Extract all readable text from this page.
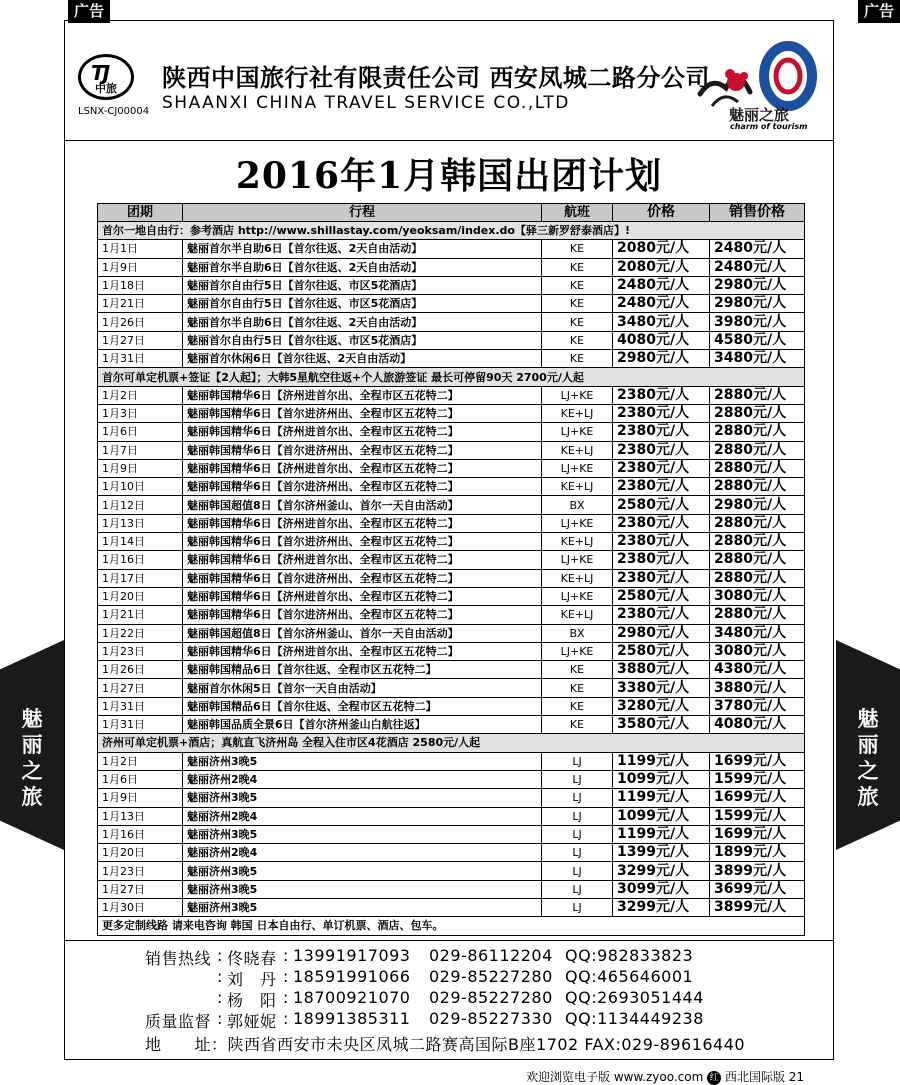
广告	广告
TJ
中旅
LSNX-CJ00004
陕西中国旅行社有限责任公司 西安凤城二路分公司
SHAANXI CHINA TRAVEL SERVICE CO.,LTD
魅丽之旅
charm of tourism
2016年1月韩国出团计划
团期	行程	航班	价格	销售价格
首尔一地自由行：参考酒店 http://www.shillastay.com/yeoksam/index.do【驿三新罗舒泰酒店】!				
1月1日	魅丽首尔半自助6日【首尔往返、2天自由活动】	KE	2080元/人	2480元/人
1月9日	魅丽首尔半自助6日【首尔往返、2天自由活动】	KE	2080元/人	2480元/人
1月18日	魅丽首尔自由行5日【首尔往返、市区5花酒店】	KE	2480元/人	2980元/人
1月21日	魅丽首尔自由行5日【首尔往返、市区5花酒店】	KE	2480元/人	2980元/人
1月26日	魅丽首尔半自助6日【首尔往返、2天自由活动】	KE	3480元/人	3980元/人
1月27日	魅丽首尔自由行5日【首尔往返、市区5花酒店】	KE	4080元/人	4580元/人
1月31日	魅丽首尔休闲6日【首尔往返、2天自由活动】	KE	2980元/人	3480元/人
首尔可单定机票+签证【2人起】；大韩5星航空往返+个人旅游签证 最长可停留90天 2700元/人起				
1月2日	魅丽韩国精华6日【济州进首尔出、全程市区五花特二】	LJ+KE	2380元/人	2880元/人
1月3日	魅丽韩国精华6日【首尔进济州出、全程市区五花特二】	KE+LJ	2380元/人	2880元/人
1月6日	魅丽韩国精华6日【济州进首尔出、全程市区五花特二】	LJ+KE	2380元/人	2880元/人
1月7日	魅丽韩国精华6日【首尔进济州出、全程市区五花特二】	KE+LJ	2380元/人	2880元/人
1月9日	魅丽韩国精华6日【济州进首尔出、全程市区五花特二】	LJ+KE	2380元/人	2880元/人
1月10日	魅丽韩国精华6日【首尔进济州出、全程市区五花特二】	KE+LJ	2380元/人	2880元/人
1月12日	魅丽韩国超值8日【首尔济州釜山、首尔一天自由活动】	BX	2580元/人	2980元/人
1月13日	魅丽韩国精华6日【济州进首尔出、全程市区五花特二】	LJ+KE	2380元/人	2880元/人
1月14日	魅丽韩国精华6日【首尔进济州出、全程市区五花特二】	KE+LJ	2380元/人	2880元/人
1月16日	魅丽韩国精华6日【济州进首尔出、全程市区五花特二】	LJ+KE	2380元/人	2880元/人
1月17日	魅丽韩国精华6日【首尔进济州出、全程市区五花特二】	KE+LJ	2380元/人	2880元/人
1月20日	魅丽韩国精华6日【济州进首尔出、全程市区五花特二】	LJ+KE	2580元/人	3080元/人
1月21日	魅丽韩国精华6日【首尔进济州出、全程市区五花特二】	KE+LJ	2380元/人	2880元/人
1月22日	魅丽韩国超值8日【首尔济州釜山、首尔一天自由活动】	BX	2980元/人	3480元/人
1月23日	魅丽韩国精华6日【济州进首尔出、全程市区五花特二】	LJ+KE	2580元/人	3080元/人
1月26日	魅丽韩国精品6日【首尔往返、全程市区五花特二】	KE	3880元/人	4380元/人
1月27日	魅丽首尔休闲5日【首尔一天自由活动】	KE	3380元/人	3880元/人
1月31日	魅丽韩国精品6日【首尔往返、全程市区五花特二】	KE	3280元/人	3780元/人
1月31日	魅丽韩国品质全景6日【首尔济州釜山白航往返】	KE	3580元/人	4080元/人
济州可单定机票+酒店；真航直飞济州岛 全程入住市区4花酒店 2580元/人起				
1月2日	魅丽济州3晚5	LJ	1199元/人	1699元/人
1月6日	魅丽济州2晚4	LJ	1099元/人	1599元/人
1月9日	魅丽济州3晚5	LJ	1199元/人	1699元/人
1月13日	魅丽济州2晚4	LJ	1099元/人	1599元/人
1月16日	魅丽济州3晚5	LJ	1199元/人	1699元/人
1月20日	魅丽济州2晚4	LJ	1399元/人	1899元/人
1月23日	魅丽济州3晚5	LJ	3299元/人	3899元/人
1月27日	魅丽济州3晚5	LJ	3099元/人	3699元/人
1月30日	魅丽济州3晚5	LJ	3299元/人	3899元/人
更多定制线路 请来电咨询 韩国 日本自由行、单订机票、酒店、包车。				
魅丽之旅
魅丽之旅
销售热线 佟晓春 13991917093 029-86112204 QQ:982833823
:	:
刘　丹 18591991066 029-85227280 QQ:465646001
:	:
杨　阳 18700921070 029-85227280 QQ:2693051444
:	:
质量监督 郭娅妮 18991385311 029-85227330 QQ:1134449238
:	:
地　　址：陕西省西安市未央区凤城二路赛高国际B座1702 FAX:029-89616440
欢迎浏览电子版 www.zyoo.com 红 西北国际版 21
